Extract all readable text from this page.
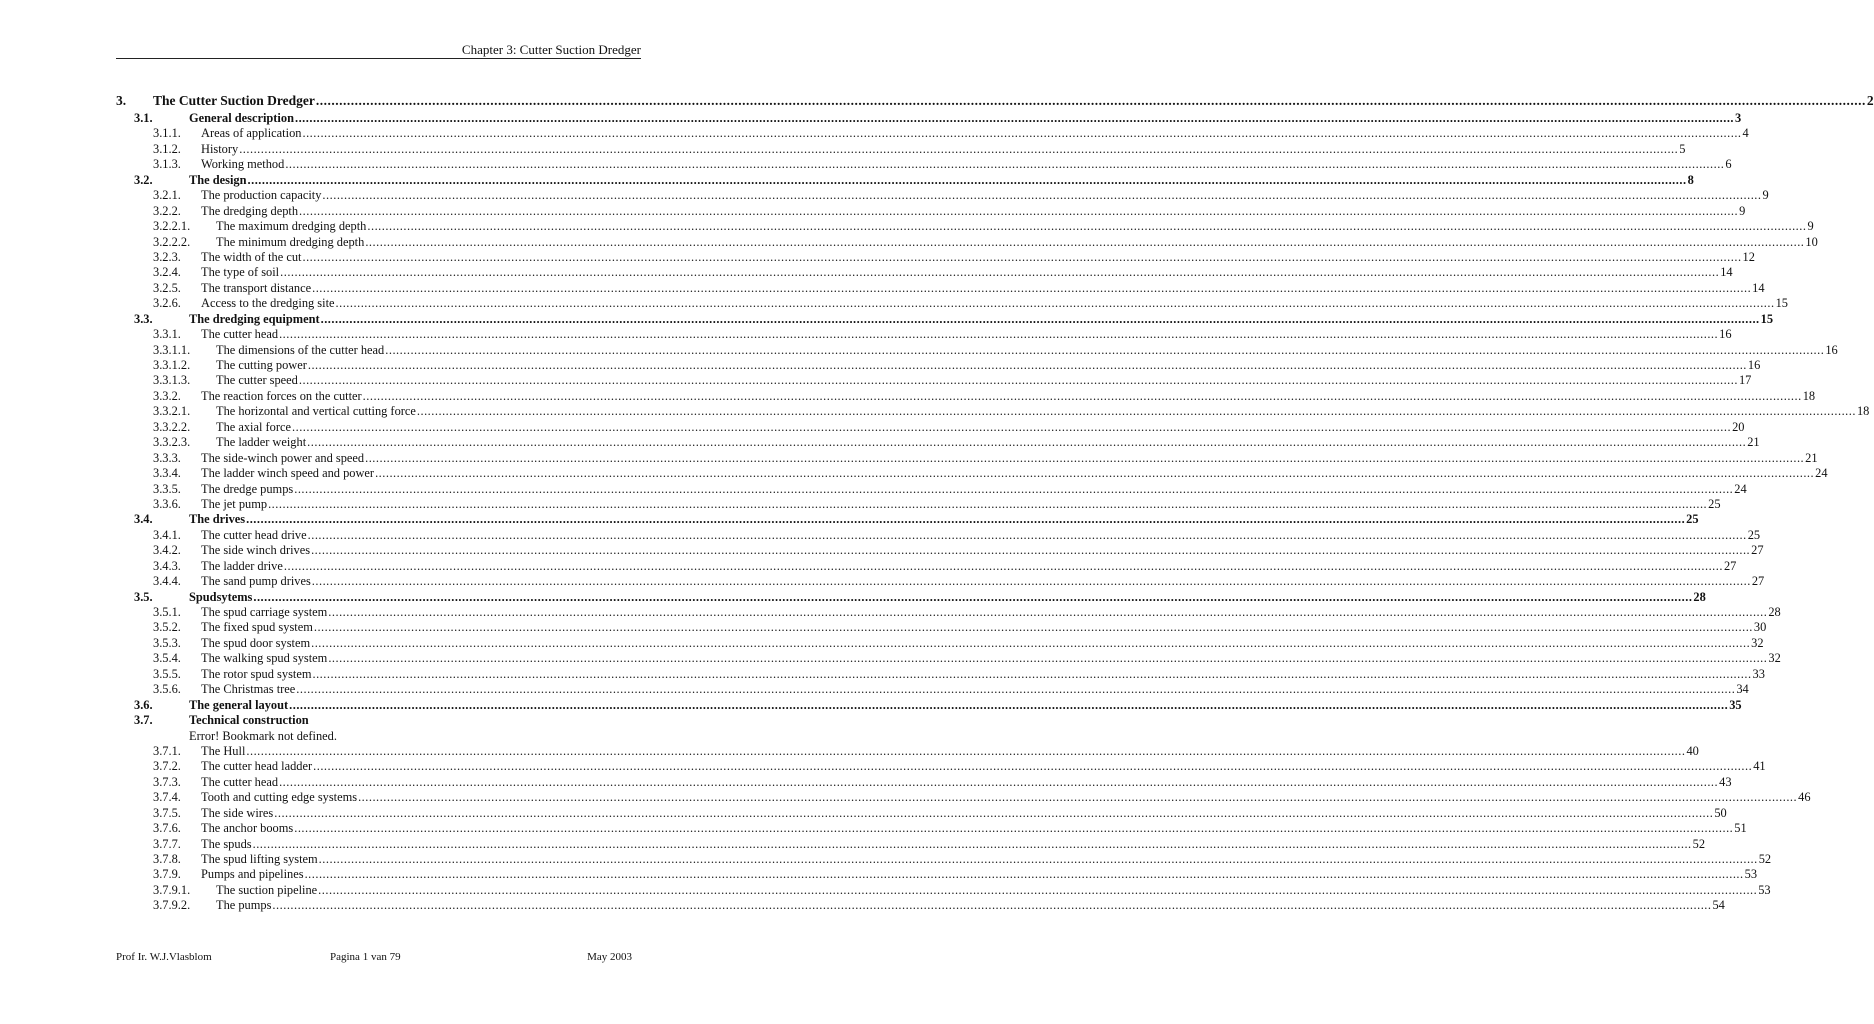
Chapter 3: Cutter Suction Dredger
3. The Cutter Suction Dredger ................................................................................................................................................................................................................................................................................................................................................................................................................ 2
3.1.	General description ................................................................................................................................................................................................................................................................................................................................................................................................................ 3
3.1.1. Areas of application ................................................................................................................................................................................................................................................................................................................................................................................................................ 4
3.1.2. History ................................................................................................................................................................................................................................................................................................................................................................................................................ 5
3.1.3. Working method ................................................................................................................................................................................................................................................................................................................................................................................................................ 6
3.2.	The design ................................................................................................................................................................................................................................................................................................................................................................................................................ 8
3.2.1. The production capacity ................................................................................................................................................................................................................................................................................................................................................................................................................ 9
3.2.2. The dredging depth ................................................................................................................................................................................................................................................................................................................................................................................................................ 9
3.2.2.1. The maximum dredging depth ................................................................................................................................................................................................................................................................................................................................................................................................................ 9
3.2.2.2. The minimum dredging depth ................................................................................................................................................................................................................................................................................................................................................................................................................ 10
3.2.3. The width of the cut ................................................................................................................................................................................................................................................................................................................................................................................................................ 12
3.2.4. The type of soil ................................................................................................................................................................................................................................................................................................................................................................................................................ 14
3.2.5. The transport distance ................................................................................................................................................................................................................................................................................................................................................................................................................ 14
3.2.6. Access to the dredging site ................................................................................................................................................................................................................................................................................................................................................................................................................ 15
3.3.	The dredging equipment ................................................................................................................................................................................................................................................................................................................................................................................................................ 15
3.3.1. The cutter head ................................................................................................................................................................................................................................................................................................................................................................................................................ 16
3.3.1.1. The dimensions of the cutter head ................................................................................................................................................................................................................................................................................................................................................................................................................ 16
3.3.1.2. The cutting power ................................................................................................................................................................................................................................................................................................................................................................................................................ 16
3.3.1.3. The cutter speed ................................................................................................................................................................................................................................................................................................................................................................................................................ 17
3.3.2. The reaction forces on the cutter ................................................................................................................................................................................................................................................................................................................................................................................................................ 18
3.3.2.1. The horizontal and vertical cutting force ................................................................................................................................................................................................................................................................................................................................................................................................................ 18
3.3.2.2. The axial force ................................................................................................................................................................................................................................................................................................................................................................................................................ 20
3.3.2.3. The ladder weight ................................................................................................................................................................................................................................................................................................................................................................................................................ 21
3.3.3. The side-winch power and speed ................................................................................................................................................................................................................................................................................................................................................................................................................ 21
3.3.4. The ladder winch speed and power ................................................................................................................................................................................................................................................................................................................................................................................................................ 24
3.3.5. The dredge pumps ................................................................................................................................................................................................................................................................................................................................................................................................................ 24
3.3.6. The jet pump ................................................................................................................................................................................................................................................................................................................................................................................................................ 25
3.4.	The drives ................................................................................................................................................................................................................................................................................................................................................................................................................ 25
3.4.1. The cutter head drive ................................................................................................................................................................................................................................................................................................................................................................................................................ 25
3.4.2. The side winch drives ................................................................................................................................................................................................................................................................................................................................................................................................................ 27
3.4.3. The ladder drive ................................................................................................................................................................................................................................................................................................................................................................................................................ 27
3.4.4. The sand pump drives ................................................................................................................................................................................................................................................................................................................................................................................................................ 27
3.5.	Spudsytems ................................................................................................................................................................................................................................................................................................................................................................................................................ 28
3.5.1. The spud carriage system ................................................................................................................................................................................................................................................................................................................................................................................................................ 28
3.5.2. The fixed spud system ................................................................................................................................................................................................................................................................................................................................................................................................................ 30
3.5.3. The spud door system ................................................................................................................................................................................................................................................................................................................................................................................................................ 32
3.5.4. The walking spud system ................................................................................................................................................................................................................................................................................................................................................................................................................ 32
3.5.5. The rotor spud system ................................................................................................................................................................................................................................................................................................................................................................................................................ 33
3.5.6. The Christmas tree ................................................................................................................................................................................................................................................................................................................................................................................................................ 34
3.6.	The general layout ................................................................................................................................................................................................................................................................................................................................................................................................................ 35
3.7.	Technical construction
Error! Bookmark not defined.
3.7.1. The Hull ................................................................................................................................................................................................................................................................................................................................................................................................................ 40
3.7.2. The cutter head ladder ................................................................................................................................................................................................................................................................................................................................................................................................................ 41
3.7.3. The cutter head ................................................................................................................................................................................................................................................................................................................................................................................................................ 43
3.7.4. Tooth and cutting edge systems ................................................................................................................................................................................................................................................................................................................................................................................................................ 46
3.7.5. The side wires ................................................................................................................................................................................................................................................................................................................................................................................................................ 50
3.7.6. The anchor booms ................................................................................................................................................................................................................................................................................................................................................................................................................ 51
3.7.7. The spuds ................................................................................................................................................................................................................................................................................................................................................................................................................ 52
3.7.8. The spud lifting system ................................................................................................................................................................................................................................................................................................................................................................................................................ 52
3.7.9. Pumps and pipelines ................................................................................................................................................................................................................................................................................................................................................................................................................ 53
3.7.9.1. The suction pipeline ................................................................................................................................................................................................................................................................................................................................................................................................................ 53
3.7.9.2. The pumps ................................................................................................................................................................................................................................................................................................................................................................................................................ 54
Prof Ir. W.J.Vlasblom	Pagina 1 van 79	May 2003
